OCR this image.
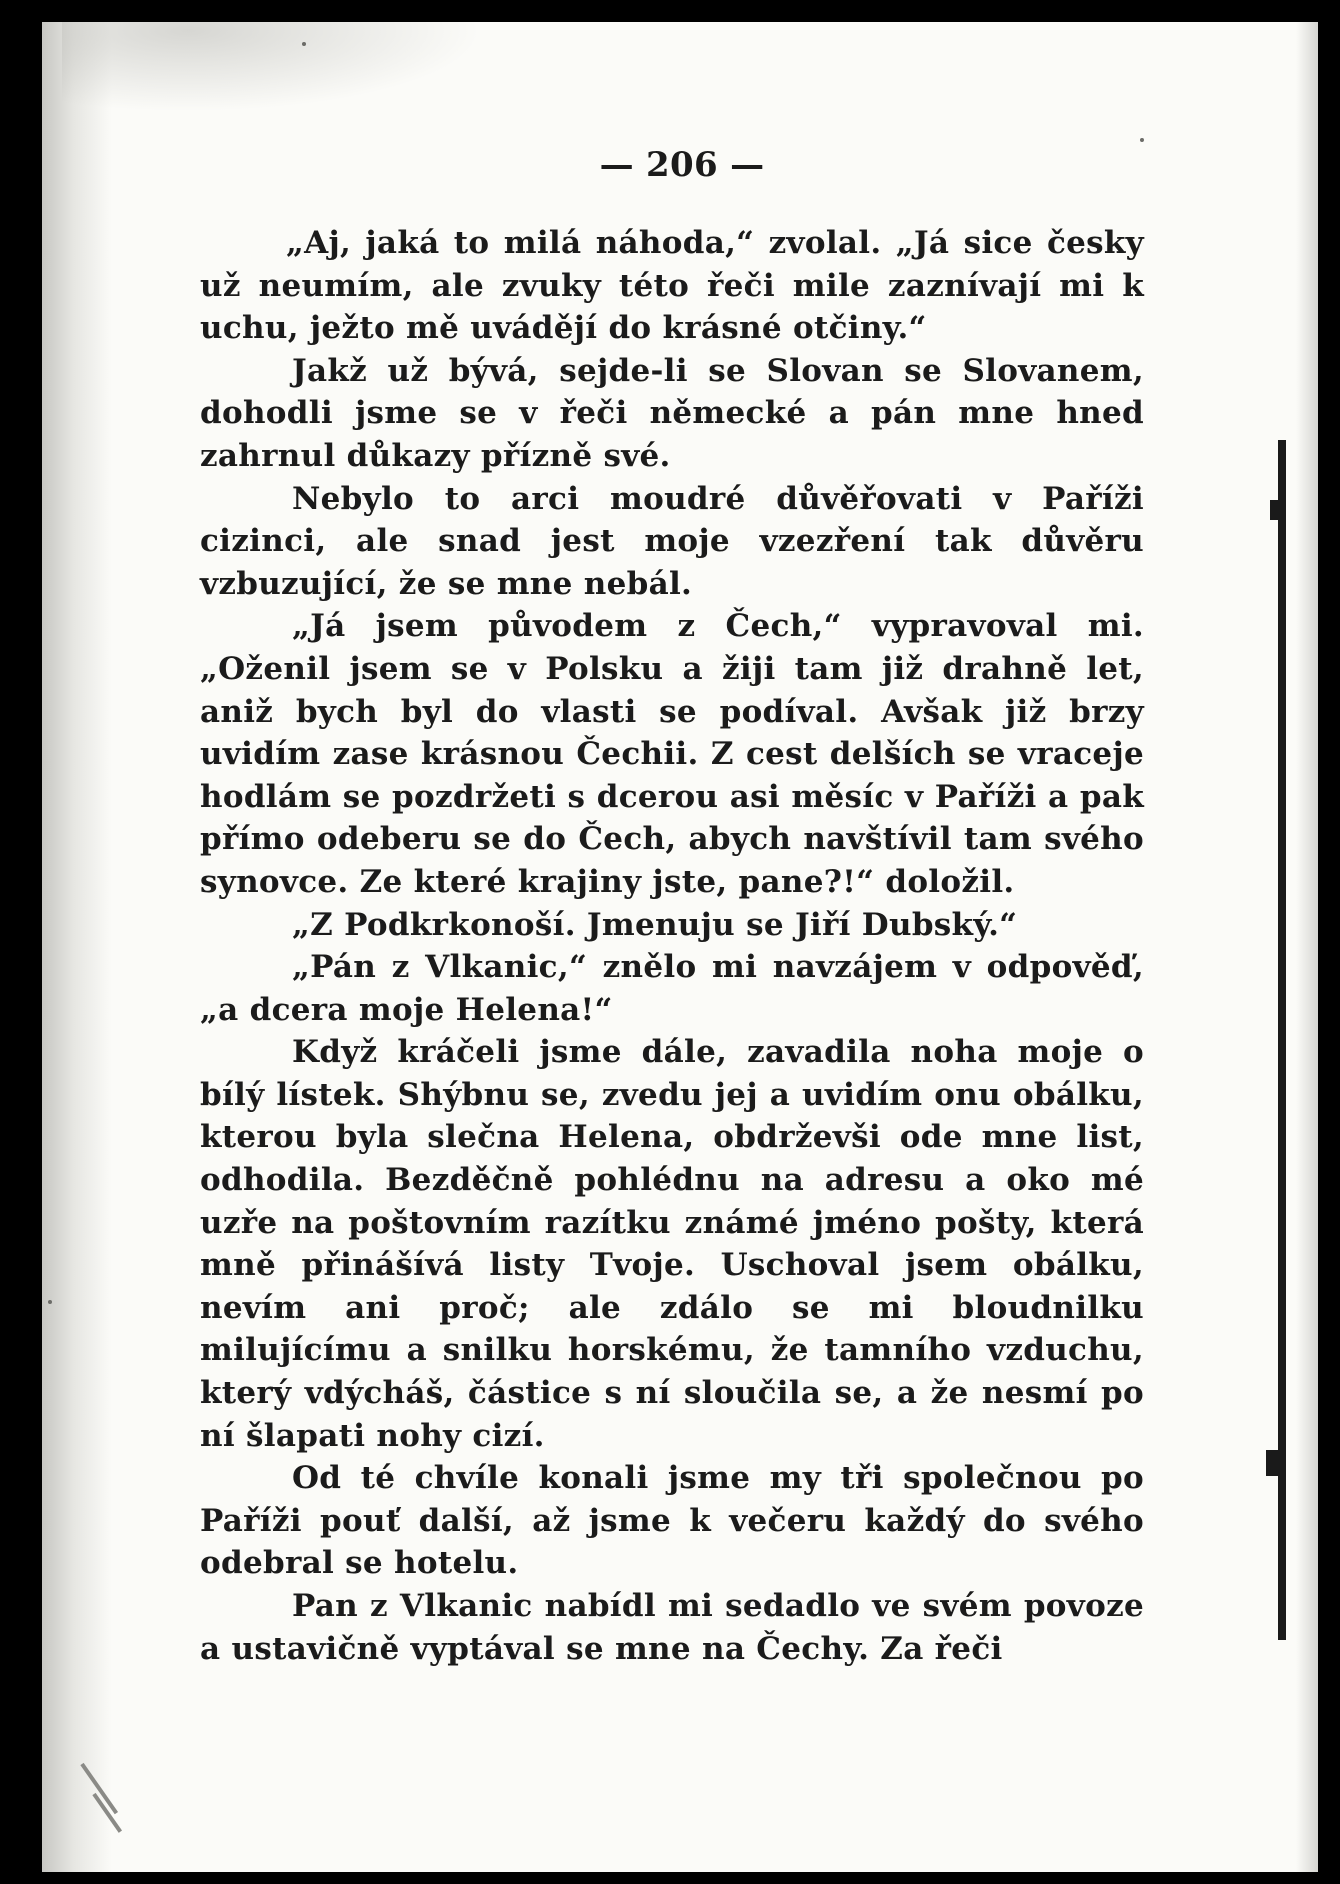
— 206 —

„Aj, jaká to milá náhoda,“ zvolal. „Já sice česky už neumím, ale zvuky této řeči mile zaznívají mi k uchu, ježto mě uvádějí do krásné otčiny.“

Jakž už bývá, sejde-li se Slovan se Slovanem, dohodli jsme se v řeči německé a pán mne hned zahrnul důkazy přízně své.

Nebylo to arci moudré důvěřovati v Paříži cizinci, ale snad jest moje vzezření tak důvěru vzbuzující, že se mne nebál.

„Já jsem původem z Čech,“ vypravoval mi. „Oženil jsem se v Polsku a žiji tam již drahně let, aniž bych byl do vlasti se podíval. Avšak již brzy uvidím zase krásnou Čechii. Z cest delších se vraceje hodlám se pozdržeti s dcerou asi měsíc v Paříži a pak přímo odeberu se do Čech, abych navštívil tam svého synovce. Ze které krajiny jste, pane?!“ doložil.

„Z Podkrkonoší. Jmenuju se Jiří Dubský.“

„Pán z Vlkanic,“ znělo mi navzájem v odpověď, „a dcera moje Helena!“

Když kráčeli jsme dále, zavadila noha moje o bílý lístek. Shýbnu se, zvedu jej a uvidím onu obálku, kterou byla slečna Helena, obdrževši ode mne list, odhodila. Bezděčně pohlédnu na adresu a oko mé uzře na poštovním razítku známé jméno pošty, která mně přinášívá listy Tvoje. Uschoval jsem obálku, nevím ani proč; ale zdálo se mi bloudnilku milujícímu a snilku horskému, že tamního vzduchu, který vdýcháš, částice s ní sloučila se, a že nesmí po ní šlapati nohy cizí.

Od té chvíle konali jsme my tři společnou po Paříži pouť další, až jsme k večeru každý do svého odebral se hotelu.

Pan z Vlkanic nabídl mi sedadlo ve svém povoze a ustavičně vyptával se mne na Čechy. Za řeči
